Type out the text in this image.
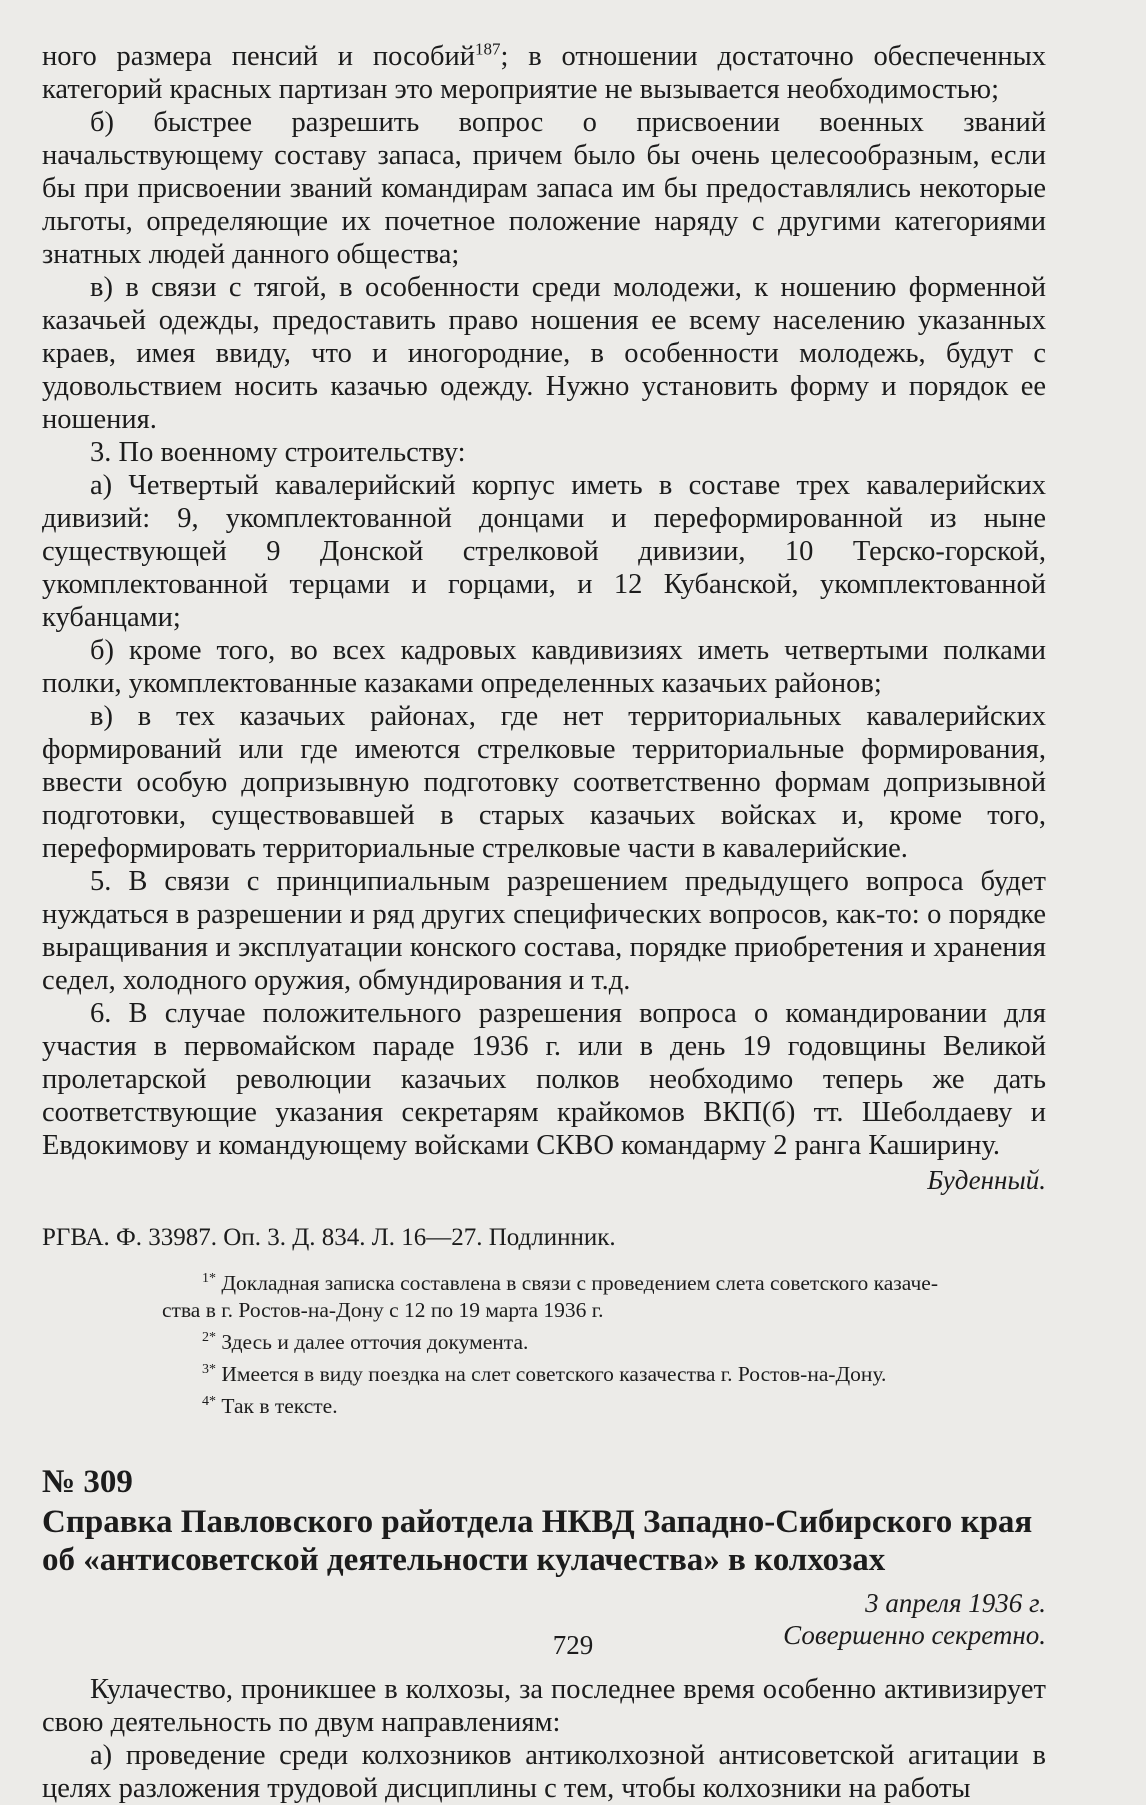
ного размера пенсий и пособий$^{187}$; в отношении достаточно обеспеченных категорий красных партизан это мероприятие не вызывается необходимостью;

б) быстрее разрешить вопрос о присвоении военных званий начальствующему составу запаса, причем было бы очень целесообразным, если бы при присвоении званий командирам запаса им бы предоставлялись некоторые льготы, определяющие их почетное положение наряду с другими категориями знатных людей данного общества;

в) в связи с тягой, в особенности среди молодежи, к ношению форменной казачьей одежды, предоставить право ношения ее всему населению указанных краев, имея ввиду, что и иногородние, в особенности молодежь, будут с удовольствием носить казачью одежду. Нужно установить форму и порядок ее ношения.

3. По военному строительству:

а) Четвертый кавалерийский корпус иметь в составе трех кавалерийских дивизий: 9, укомплектованной донцами и переформированной из ныне существующей 9 Донской стрелковой дивизии, 10 Терско-горской, укомплектованной терцами и горцами, и 12 Кубанской, укомплектованной кубанцами;

б) кроме того, во всех кадровых кавдивизиях иметь четвертыми полками полки, укомплектованные казаками определенных казачьих районов;

в) в тех казачьих районах, где нет территориальных кавалерийских формирований или где имеются стрелковые территориальные формирования, ввести особую допризывную подготовку соответственно формам допризывной подготовки, существовавшей в старых казачьих войсках и, кроме того, переформировать территориальные стрелковые части в кавалерийские.

5. В связи с принципиальным разрешением предыдущего вопроса будет нуждаться в разрешении и ряд других специфических вопросов, как-то: о порядке выращивания и эксплуатации конского состава, порядке приобретения и хранения седел, холодного оружия, обмундирования и т.д.

6. В случае положительного разрешения вопроса о командировании для участия в первомайском параде 1936 г. или в день 19 годовщины Великой пролетарской революции казачьих полков необходимо теперь же дать соответствующие указания секретарям крайкомов ВКП(б) тт. Шеболдаеву и Евдокимову и командующему войсками СКВО командарму 2 ранга Каширину.

Буденный.
РГВА. Ф. 33987. Оп. 3. Д. 834. Л. 16—27. Подлинник.

$^{1*}$ Докладная записка составлена в связи с проведением слета советского казаче-

ства в г. Ростов-на-Дону с 12 по 19 марта 1936 г.

$^{2*}$ Здесь и далее отточия документа.

$^{3*}$ Имеется в виду поездка на слет советского казачества г. Ростов-на-Дону.

$^{4*}$ Так в тексте.

№ 309
Справка Павловского райотдела НКВД Западно-Сибирского края об «антисоветской деятельности кулачества» в колхозах
3 апреля 1936 г.
Совершенно секретно.

Кулачество, проникшее в колхозы, за последнее время особенно активизирует свою деятельность по двум направлениям:

а) проведение среди колхозников антиколхозной антисоветской агитации в целях разложения трудовой дисциплины с тем, чтобы колхозники на работы

729
